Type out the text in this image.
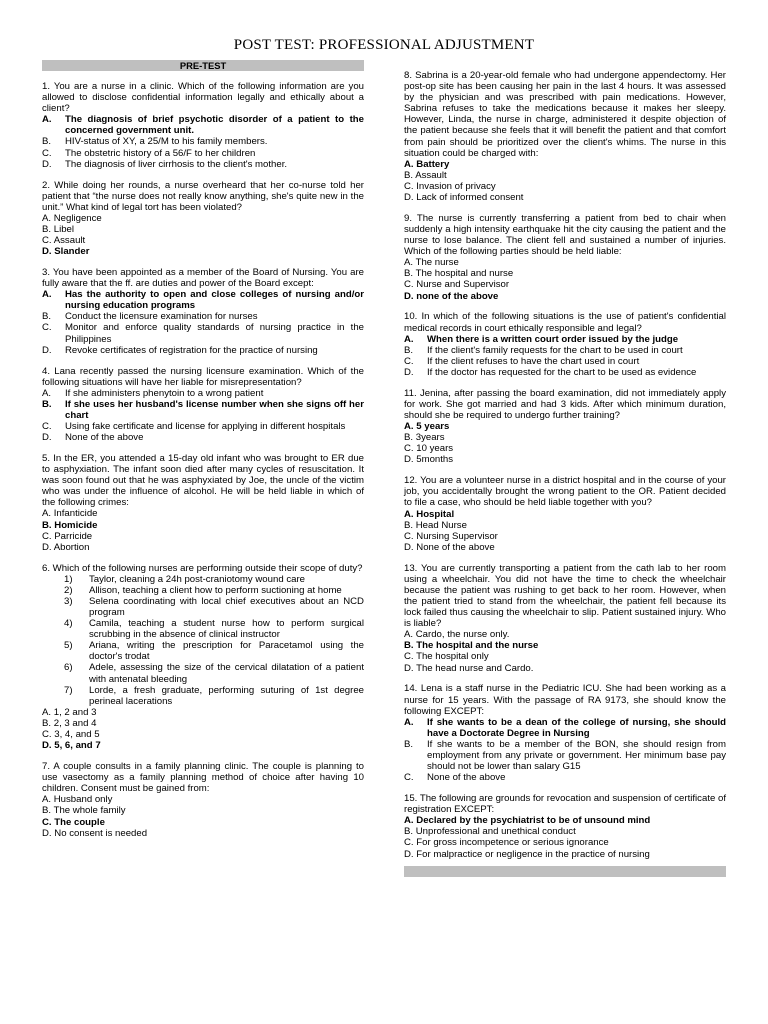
POST TEST: PROFESSIONAL ADJUSTMENT
PRE-TEST
1. You are a nurse in a clinic. Which of the following information are you allowed to disclose confidential information legally and ethically about a client?
A.	The diagnosis of brief psychotic disorder of a patient to the concerned government unit.
B.	HIV-status of XY, a 25/M to his family members.
C.	The obstetric history of a 56/F to her children
D.	The diagnosis of liver cirrhosis to the client's mother.
2. While doing her rounds, a nurse overheard that her co-nurse told her patient that “the nurse does not really know anything, she's quite new in the unit.” What kind of legal tort has been violated?
A. Negligence
B. Libel
C. Assault
D. Slander
3. You have been appointed as a member of the Board of Nursing. You are fully aware that the ff. are duties and power of the Board except:
A.	Has the authority to open and close colleges of nursing and/or nursing education programs
B.	Conduct the licensure examination for nurses
C.	Monitor and enforce quality standards of nursing practice in the Philippines
D.	Revoke certificates of registration for the practice of nursing
4. Lana recently passed the nursing licensure examination. Which of the following situations will have her liable for misrepresentation?
A.	If she administers phenytoin to a wrong patient
B.	If she uses her husband's license number when she signs off her chart
C.	Using fake certificate and license for applying in different hospitals
D.	None of the above
5. In the ER, you attended a 15-day old infant who was brought to ER due to asphyxiation. The infant soon died after many cycles of resuscitation. It was soon found out that he was asphyxiated by Joe, the uncle of the victim who was under the influence of alcohol. He will be held liable in which of the following crimes:
A. Infanticide
B. Homicide
C. Parricide
D. Abortion
6. Which of the following nurses are performing outside their scope of duty?
1)	Taylor, cleaning a 24h post-craniotomy wound care
2)	Allison, teaching a client how to perform suctioning at home
3)	Selena coordinating with local chief executives about an NCD program
4)	Camila, teaching a student nurse how to perform surgical scrubbing in the absence of clinical instructor
5)	Ariana, writing the prescription for Paracetamol using the doctor's trodat
6)	Adele, assessing the size of the cervical dilatation of a patient with antenatal bleeding
7)	Lorde, a fresh graduate, performing suturing of 1st degree perineal lacerations
A. 1, 2 and 3
B. 2, 3 and 4
C. 3, 4, and 5
D. 5, 6, and 7
7. A couple consults in a family planning clinic. The couple is planning to use vasectomy as a family planning method of choice after having 10 children. Consent must be gained from:
A. Husband only
B. The whole family
C. The couple
D. No consent is needed
8. Sabrina is a 20-year-old female who had undergone appendectomy. Her post-op site has been causing her pain in the last 4 hours. It was assessed by the physician and was prescribed with pain medications. However, Sabrina refuses to take the medications because it makes her sleepy. However, Linda, the nurse in charge, administered it despite objection of the patient because she feels that it will benefit the patient and that comfort from pain should be prioritized over the client's whims. The nurse in this situation could be charged with:
A. Battery
B. Assault
C. Invasion of privacy
D. Lack of informed consent
9. The nurse is currently transferring a patient from bed to chair when suddenly a high intensity earthquake hit the city causing the patient and the nurse to lose balance. The client fell and sustained a number of injuries. Which of the following parties should be held liable:
A. The nurse
B. The hospital and nurse
C. Nurse and Supervisor
D. none of the above
10. In which of the following situations is the use of patient's confidential medical records in court ethically responsible and legal?
A.	When there is a written court order issued by the judge
B.	If the client's family requests for the chart to be used in court
C.	If the client refuses to have the chart used in court
D.	If the doctor has requested for the chart to be used as evidence
11. Jenina, after passing the board examination, did not immediately apply for work. She got married and had 3 kids. After which minimum duration, should she be required to undergo further training?
A. 5 years
B. 3years
C. 10 years
D. 5months
12. You are a volunteer nurse in a district hospital and in the course of your job, you accidentally brought the wrong patient to the OR. Patient decided to file a case, who should be held liable together with you?
A. Hospital
B. Head Nurse
C. Nursing Supervisor
D. None of the above
13. You are currently transporting a patient from the cath lab to her room using a wheelchair. You did not have the time to check the wheelchair because the patient was rushing to get back to her room. However, when the patient tried to stand from the wheelchair, the patient fell because its lock failed thus causing the wheelchair to slip. Patient sustained injury. Who is liable?
A. Cardo, the nurse only.
B. The hospital and the nurse
C. The hospital only
D. The head nurse and Cardo.
14. Lena is a staff nurse in the Pediatric ICU. She had been working as a nurse for 15 years. With the passage of RA 9173, she should know the following EXCEPT:
A.	If she wants to be a dean of the college of nursing, she should have a Doctorate Degree in Nursing
B.	If she wants to be a member of the BON, she should resign from employment from any private or government. Her minimum base pay should not be lower than salary G15
C.	None of the above
15. The following are grounds for revocation and suspension of certificate of registration EXCEPT:
A. Declared by the psychiatrist to be of unsound mind
B. Unprofessional and unethical conduct
C. For gross incompetence or serious ignorance
D. For malpractice or negligence in the practice of nursing
